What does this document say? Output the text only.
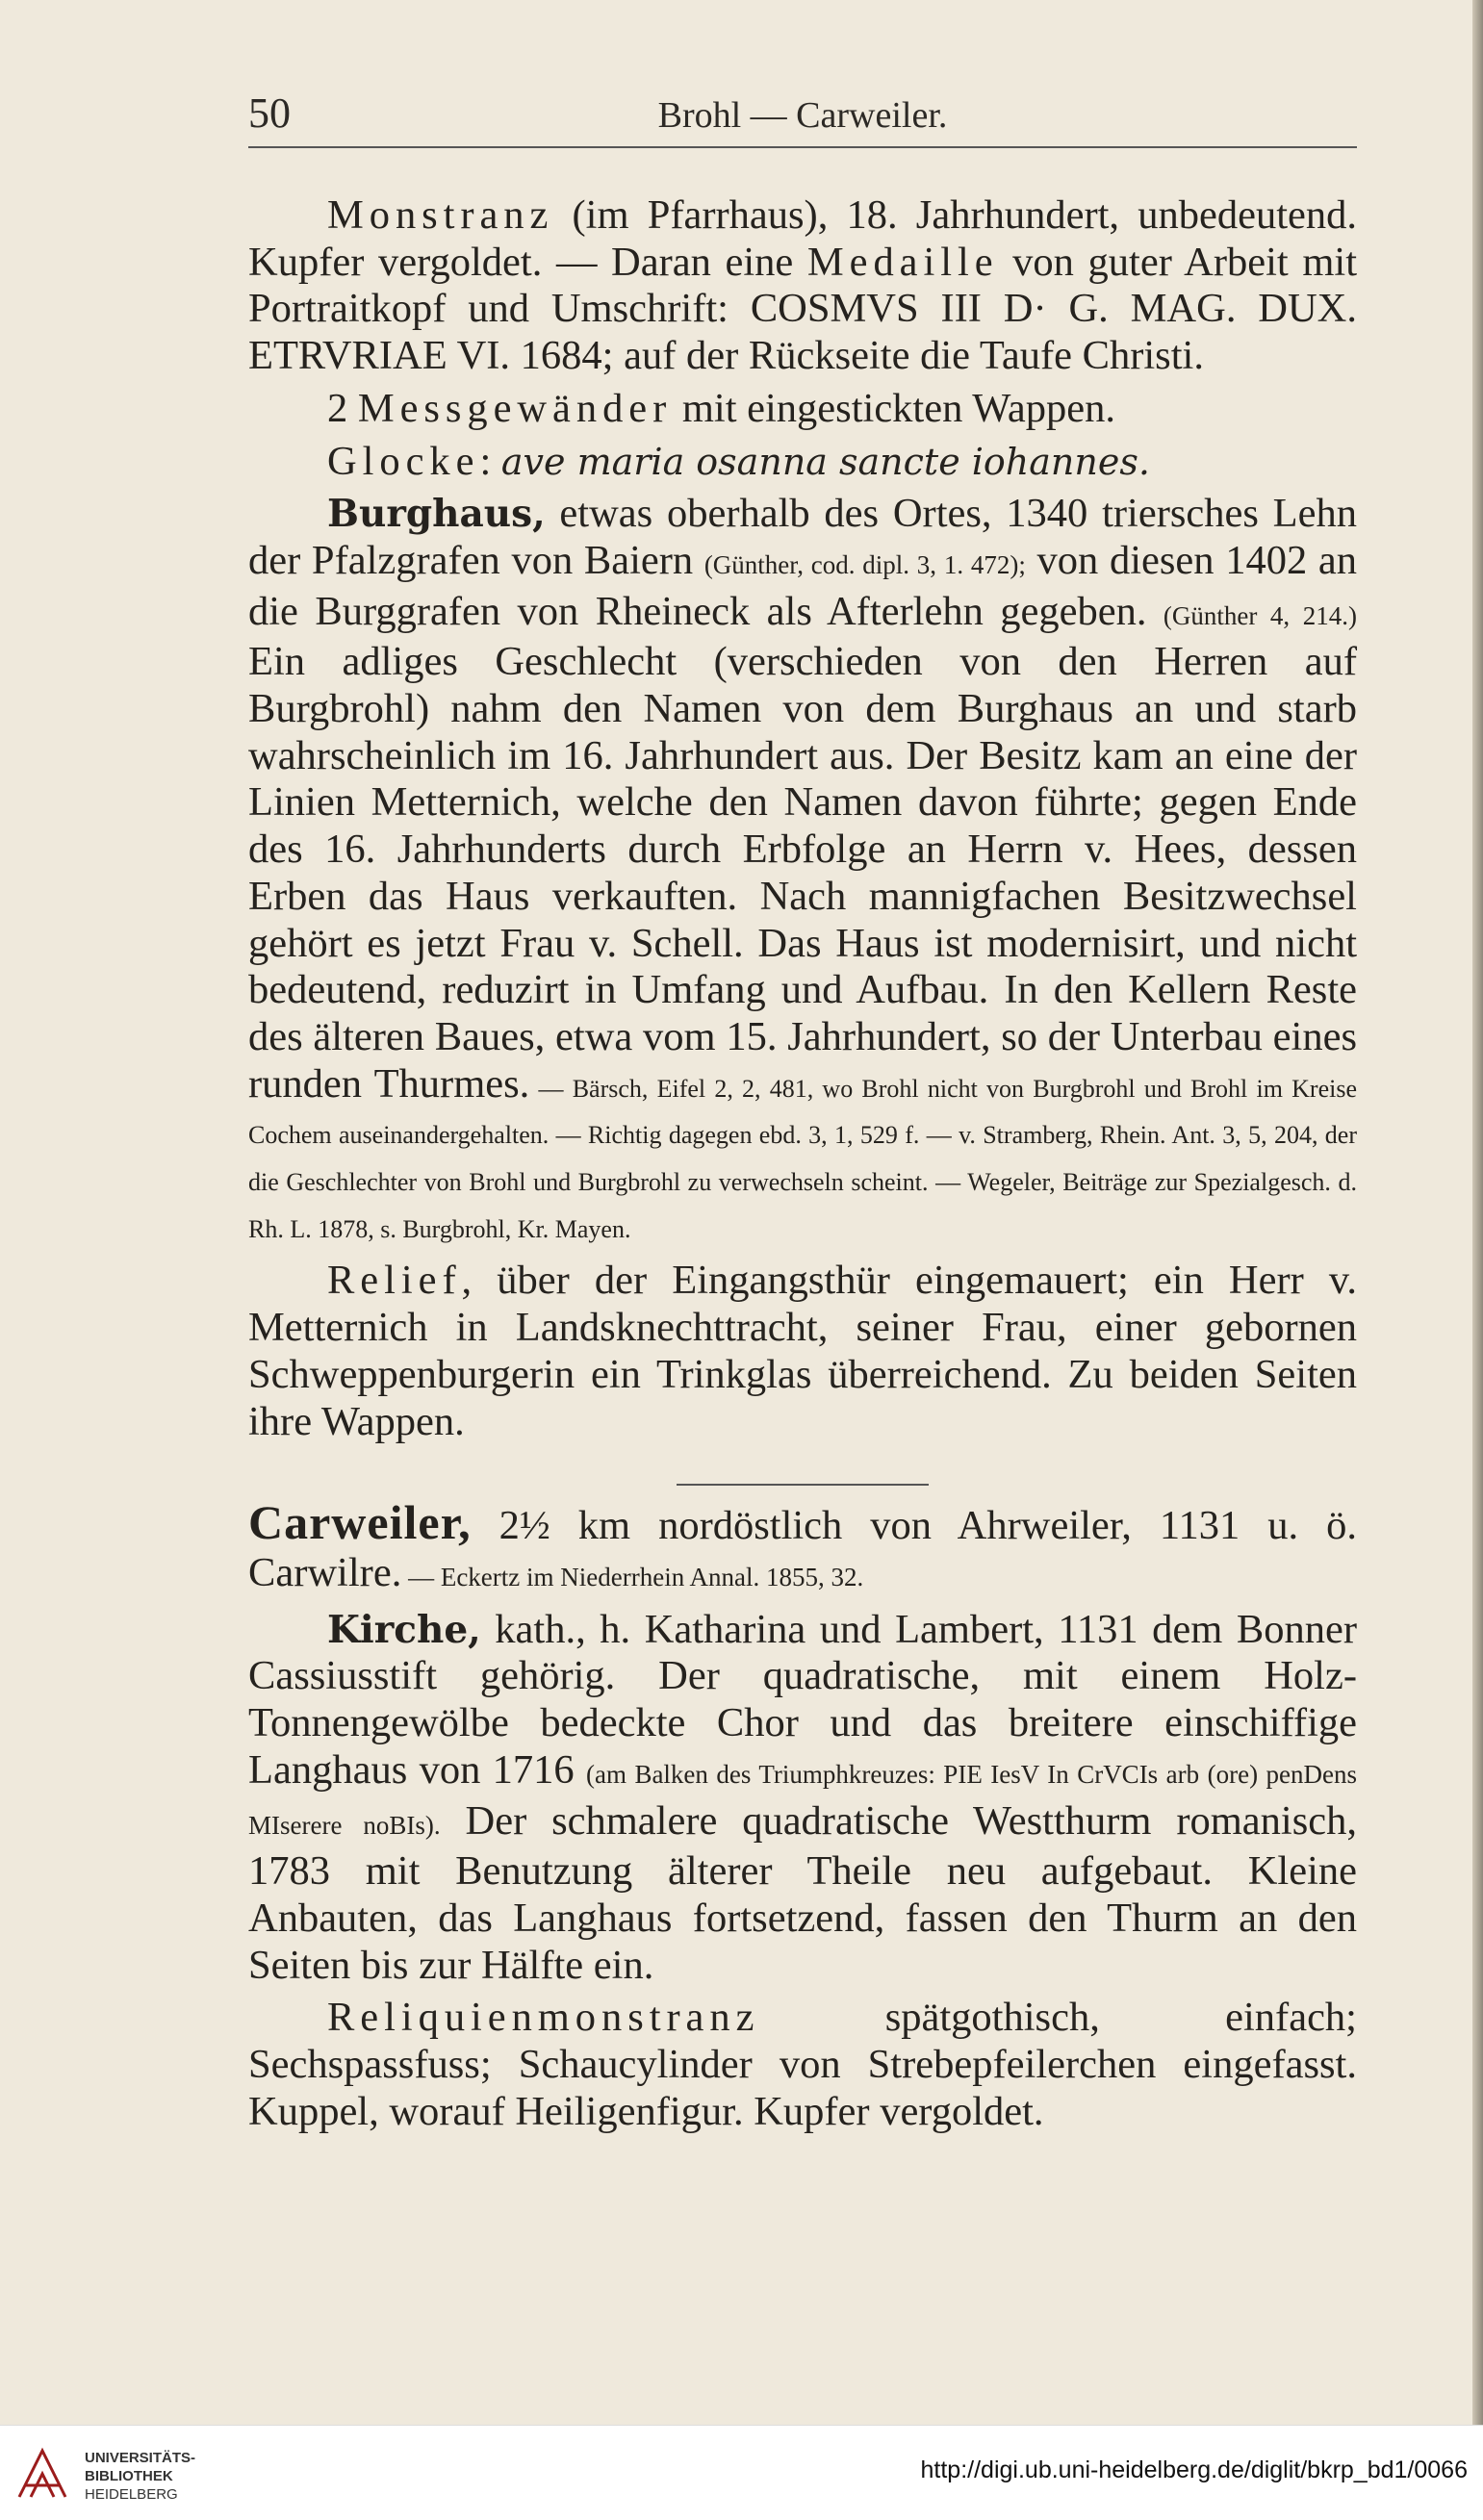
50	Brohl — Carweiler.

Monstranz (im Pfarrhaus), 18. Jahrhundert, unbedeutend. Kupfer vergoldet. — Daran eine Medaille von guter Arbeit mit Portraitkopf und Umschrift: COSMVS III D· G. MAG. DUX. ETRVRIAE VI. 1684; auf der Rückseite die Taufe Christi.

2 Messgewänder mit eingestickten Wappen.

Glocke: ave maria osanna sancte iohannes.

Burghaus, etwas oberhalb des Ortes, 1340 triersches Lehn der Pfalzgrafen von Baiern (Günther, cod. dipl. 3, 1. 472); von diesen 1402 an die Burggrafen von Rheineck als Afterlehn gegeben. (Günther 4, 214.) Ein adliges Geschlecht (verschieden von den Herren auf Burgbrohl) nahm den Namen von dem Burghaus an und starb wahrscheinlich im 16. Jahrhundert aus. Der Besitz kam an eine der Linien Metternich, welche den Namen davon führte; gegen Ende des 16. Jahrhunderts durch Erbfolge an Herrn v. Hees, dessen Erben das Haus verkauften. Nach mannigfachen Besitzwechsel gehört es jetzt Frau v. Schell. Das Haus ist modernisirt, und nicht bedeutend, reduzirt in Umfang und Aufbau. In den Kellern Reste des älteren Baues, etwa vom 15. Jahrhundert, so der Unterbau eines runden Thurmes. — Bärsch, Eifel 2, 2, 481, wo Brohl nicht von Burgbrohl und Brohl im Kreise Cochem auseinandergehalten. — Richtig dagegen ebd. 3, 1, 529 f. — v. Stramberg, Rhein. Ant. 3, 5, 204, der die Geschlechter von Brohl und Burgbrohl zu verwechseln scheint. — Wegeler, Beiträge zur Spezialgesch. d. Rh. L. 1878, s. Burgbrohl, Kr. Mayen.

Relief, über der Eingangsthür eingemauert; ein Herr v. Metternich in Landsknechttracht, seiner Frau, einer gebornen Schweppenburgerin ein Trinkglas überreichend. Zu beiden Seiten ihre Wappen.

Carweiler, 2½ km nordöstlich von Ahrweiler, 1131 u. ö. Carwilre. — Eckertz im Niederrhein Annal. 1855, 32.

Kirche, kath., h. Katharina und Lambert, 1131 dem Bonner Cassiusstift gehörig. Der quadratische, mit einem Holz-Tonnengewölbe bedeckte Chor und das breitere einschiffige Langhaus von 1716 (am Balken des Triumphkreuzes: PIE IesV In CrVCIs arb (ore) penDens MIserere noBIs). Der schmalere quadratische Westthurm romanisch, 1783 mit Benutzung älterer Theile neu aufgebaut. Kleine Anbauten, das Langhaus fortsetzend, fassen den Thurm an den Seiten bis zur Hälfte ein.

Reliquienmonstranz spätgothisch, einfach; Sechspassfuss; Schaucylinder von Strebepfeilerchen eingefasst. Kuppel, worauf Heiligenfigur. Kupfer vergoldet.

UNIVERSITÄTS-
BIBLIOTHEK
HEIDELBERG
http://digi.ub.uni-heidelberg.de/diglit/bkrp_bd1/0066
